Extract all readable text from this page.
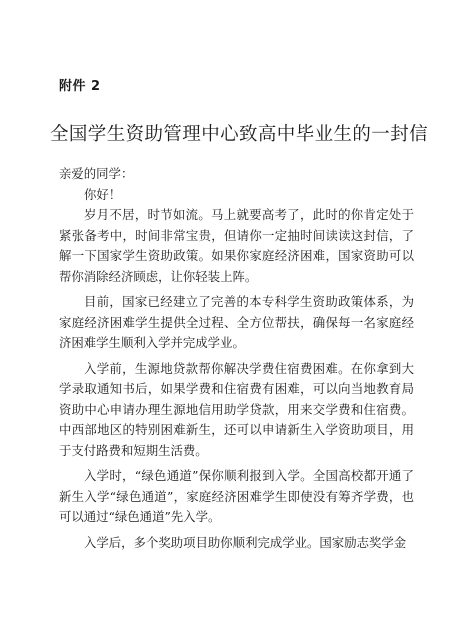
附件 2
全国学生资助管理中心致高中毕业生的一封信

亲爱的同学：

你好！

岁月不居，时节如流。马上就要高考了，此时的你肯定处于紧张备考中，时间非常宝贵，但请你一定抽时间读读这封信，了解一下国家学生资助政策。如果你家庭经济困难，国家资助可以帮你消除经济顾虑，让你轻装上阵。

目前，国家已经建立了完善的本专科学生资助政策体系，为家庭经济困难学生提供全过程、全方位帮扶，确保每一名家庭经济困难学生顺利入学并完成学业。

入学前，生源地贷款帮你解决学费住宿费困难。在你拿到大学录取通知书后，如果学费和住宿费有困难，可以向当地教育局资助中心申请办理生源地信用助学贷款，用来交学费和住宿费。中西部地区的特别困难新生，还可以申请新生入学资助项目，用于支付路费和短期生活费。

入学时，“绿色通道”保你顺利报到入学。全国高校都开通了新生入学“绿色通道”，家庭经济困难学生即使没有筹齐学费，也可以通过“绿色通道”先入学。

入学后，多个奖助项目助你顺利完成学业。国家励志奖学金
